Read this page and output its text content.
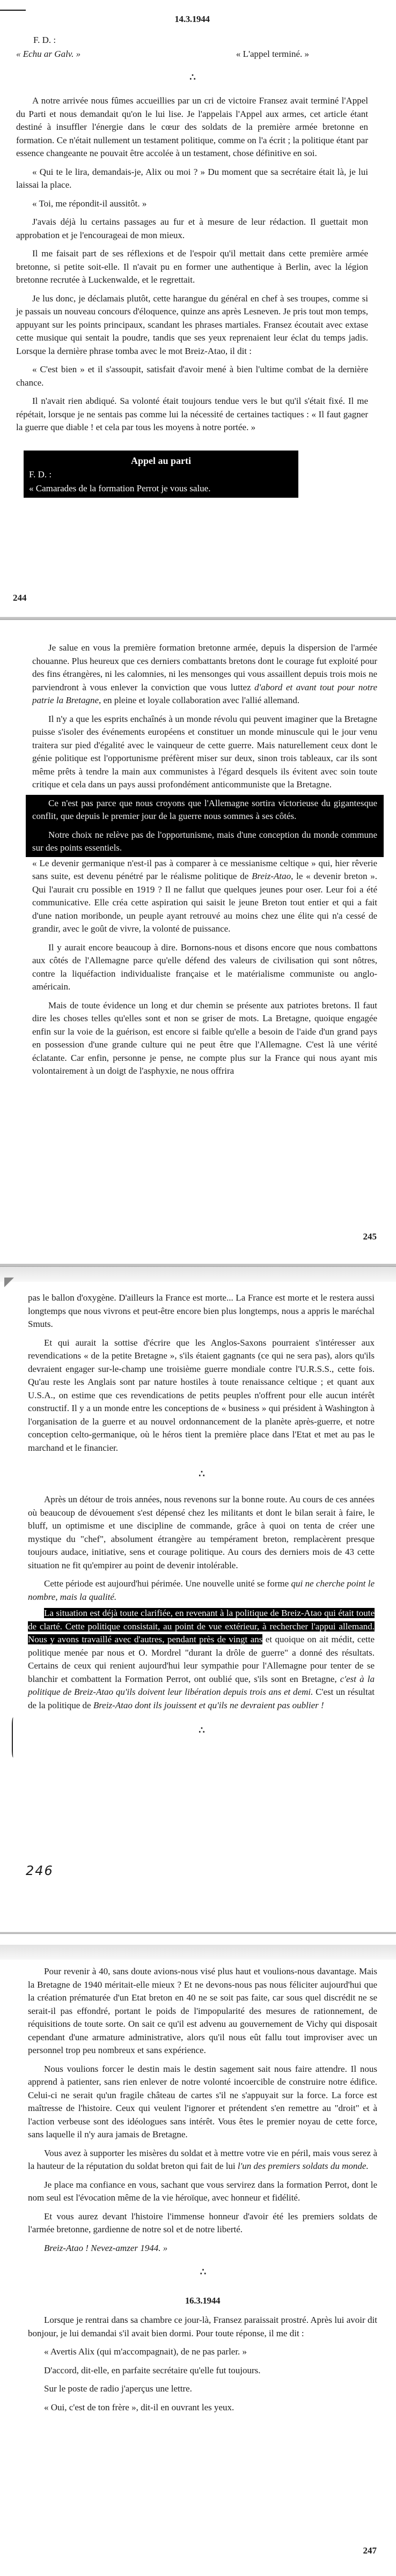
14.3.1944

F. D. :

« Echu ar Galv. »	« L'appel terminé. »
∴

A notre arrivée nous fûmes accueillies par un cri de victoire Fransez avait terminé l'Appel du Parti et nous demandait qu'on le lui lise. Je l'appelais l'Appel aux armes, cet article étant destiné à insuffler l'énergie dans le cœur des soldats de la première armée bretonne en formation. Ce n'était nullement un testament politique, comme on l'a écrit ; la politique étant par essence changeante ne pouvait être accolée à un testament, chose définitive en soi.

« Qui te le lira, demandais-je, Alix ou moi ? » Du moment que sa secrétaire était là, je lui laissai la place.

« Toi, me répondit-il aussitôt. »

J'avais déjà lu certains passages au fur et à mesure de leur rédaction. Il guettait mon approbation et je l'encourageai de mon mieux.

Il me faisait part de ses réflexions et de l'espoir qu'il mettait dans cette première armée bretonne, si petite soit-elle. Il n'avait pu en former une authentique à Berlin, avec la légion bretonne recrutée à Luckenwalde, et le regrettait.

Je lus donc, je déclamais plutôt, cette harangue du général en chef à ses troupes, comme si je passais un nouveau concours d'éloquence, quinze ans après Lesneven. Je pris tout mon temps, appuyant sur les points principaux, scandant les phrases martiales. Fransez écoutait avec extase cette musique qui sentait la poudre, tandis que ses yeux reprenaient leur éclat du temps jadis. Lorsque la dernière phrase tomba avec le mot Breiz-Atao, il dit :

« C'est bien » et il s'assoupit, satisfait d'avoir mené à bien l'ultime combat de la dernière chance.

Il n'avait rien abdiqué. Sa volonté était toujours tendue vers le but qu'il s'était fixé. Il me répétait, lorsque je ne sentais pas comme lui la nécessité de certaines tactiques : « Il faut gagner la guerre que diable ! et cela par tous les moyens à notre portée. »

Appel au parti
F. D. :
« Camarades de la formation Perrot je vous salue.
244

Je salue en vous la première formation bretonne armée, depuis la dispersion de l'armée chouanne. Plus heureux que ces derniers combattants bretons dont le courage fut exploité pour des fins étrangères, ni les calomnies, ni les mensonges qui vous assaillent depuis trois mois ne parviendront à vous enlever la conviction que vous luttez d'abord et avant tout pour notre patrie la Bretagne, en pleine et loyale collaboration avec l'allié allemand.

Il n'y a que les esprits enchaînés à un monde révolu qui peuvent imaginer que la Bretagne puisse s'isoler des événements européens et constituer un monde minuscule qui le jour venu traitera sur pied d'égalité avec le vainqueur de cette guerre. Mais naturellement ceux dont le génie politique est l'opportunisme préfèrent miser sur deux, sinon trois tableaux, car ils sont même prêts à tendre la main aux communistes à l'égard desquels ils évitent avec soin toute critique et cela dans un pays aussi profondément anticommuniste que la Bretagne.

Ce n'est pas parce que nous croyons que l'Allemagne sortira victorieuse du gigantesque conflit, que depuis le premier jour de la guerre nous sommes à ses côtés.

Notre choix ne relève pas de l'opportunisme, mais d'une conception du monde commune sur des points essentiels.

« Le devenir germanique n'est-il pas à comparer à ce messianisme celtique » qui, hier rêverie sans suite, est devenu pénétré par le réalisme politique de Breiz-Atao, le « devenir breton ». Qui l'aurait cru possible en 1919 ? Il ne fallut que quelques jeunes pour oser. Leur foi a été communicative. Elle créa cette aspiration qui saisit le jeune Breton tout entier et qui a fait d'une nation moribonde, un peuple ayant retrouvé au moins chez une élite qui n'a cessé de grandir, avec le goût de vivre, la volonté de puissance.

Il y aurait encore beaucoup à dire. Bornons-nous et disons encore que nous combattons aux côtés de l'Allemagne parce qu'elle défend des valeurs de civilisation qui sont nôtres, contre la liquéfaction individualiste française et le matérialisme communiste ou anglo-américain.

Mais de toute évidence un long et dur chemin se présente aux patriotes bretons. Il faut dire les choses telles qu'elles sont et non se griser de mots. La Bretagne, quoique engagée enfin sur la voie de la guérison, est encore si faible qu'elle a besoin de l'aide d'un grand pays en possession d'une grande culture qui ne peut être que l'Allemagne. C'est là une vérité éclatante. Car enfin, personne je pense, ne compte plus sur la France qui nous ayant mis volontairement à un doigt de l'asphyxie, ne nous offrira

245

pas le ballon d'oxygène. D'ailleurs la France est morte... La France est morte et le restera aussi longtemps que nous vivrons et peut-être encore bien plus longtemps, nous a appris le maréchal Smuts.

Et qui aurait la sottise d'écrire que les Anglos-Saxons pourraient s'intéresser aux revendications « de la petite Bretagne », s'ils étaient gagnants (ce qui ne sera pas), alors qu'ils devraient engager sur-le-champ une troisième guerre mondiale contre l'U.R.S.S., cette fois. Qu'au reste les Anglais sont par nature hostiles à toute renaissance celtique ; et quant aux U.S.A., on estime que ces revendications de petits peuples n'offrent pour elle aucun intérêt constructif. Il y a un monde entre les conceptions de « business » qui président à Washington à l'organisation de la guerre et au nouvel ordonnancement de la planète après-guerre, et notre conception celto-germanique, où le héros tient la première place dans l'Etat et met au pas le marchand et le financier.

∴

Après un détour de trois années, nous revenons sur la bonne route. Au cours de ces années où beaucoup de dévouement s'est dépensé chez les militants et dont le bilan serait à faire, le bluff, un optimisme et une discipline de commande, grâce à quoi on tenta de créer une mystique du "chef", absolument étrangère au tempérament breton, remplacèrent presque toujours audace, initiative, sens et courage politique. Au cours des derniers mois de 43 cette situation ne fit qu'empirer au point de devenir intolérable.

Cette période est aujourd'hui périmée. Une nouvelle unité se forme qui ne cherche point le nombre, mais la qualité.

La situation est déjà toute clarifiée, en revenant à la politique de Breiz-Atao qui était toute de clarté. Cette politique consistait, au point de vue extérieur, à rechercher l'appui allemand. Nous y avons travaillé avec d'autres, pendant près de vingt ans et quoique on ait médit, cette politique menée par nous et O. Mordrel "durant la drôle de guerre" a donné des résultats. Certains de ceux qui renient aujourd'hui leur sympathie pour l'Allemagne pour tenter de se blanchir et combattent la Formation Perrot, ont oublié que, s'ils sont en Bretagne, c'est à la politique de Breiz-Atao qu'ils doivent leur libération depuis trois ans et demi. C'est un résultat de la politique de Breiz-Atao dont ils jouissent et qu'ils ne devraient pas oublier !

∴
246

Pour revenir à 40, sans doute avions-nous visé plus haut et voulions-nous davantage. Mais la Bretagne de 1940 méritait-elle mieux ? Et ne devons-nous pas nous féliciter aujourd'hui que la création prématurée d'un Etat breton en 40 ne se soit pas faite, car sous quel discrédit ne se serait-il pas effondré, portant le poids de l'impopularité des mesures de rationnement, de réquisitions de toute sorte. On sait ce qu'il est advenu au gouvernement de Vichy qui disposait cependant d'une armature administrative, alors qu'il nous eût fallu tout improviser avec un personnel trop peu nombreux et sans expérience.

Nous voulions forcer le destin mais le destin sagement sait nous faire attendre. Il nous apprend à patienter, sans rien enlever de notre volonté incoercible de construire notre édifice. Celui-ci ne serait qu'un fragile château de cartes s'il ne s'appuyait sur la force. La force est maîtresse de l'histoire. Ceux qui veulent l'ignorer et prétendent s'en remettre au "droit" et à l'action verbeuse sont des idéologues sans intérêt. Vous êtes le premier noyau de cette force, sans laquelle il n'y aura jamais de Bretagne.

Vous avez à supporter les misères du soldat et à mettre votre vie en péril, mais vous serez à la hauteur de la réputation du soldat breton qui fait de lui l'un des premiers soldats du monde.

Je place ma confiance en vous, sachant que vous servirez dans la formation Perrot, dont le nom seul est l'évocation même de la vie héroïque, avec honneur et fidélité.

Et vous aurez devant l'histoire l'immense honneur d'avoir été les premiers soldats de l'armée bretonne, gardienne de notre sol et de notre liberté.

Breiz-Atao ! Nevez-amzer 1944. »

∴
16.3.1944

Lorsque je rentrai dans sa chambre ce jour-là, Fransez paraissait prostré. Après lui avoir dit bonjour, je lui demandai s'il avait bien dormi. Pour toute réponse, il me dit :

« Avertis Alix (qui m'accompagnait), de ne pas parler. »

D'accord, dit-elle, en parfaite secrétaire qu'elle fut toujours.

Sur le poste de radio j'aperçus une lettre.

« Oui, c'est de ton frère », dit-il en ouvrant les yeux.

247
